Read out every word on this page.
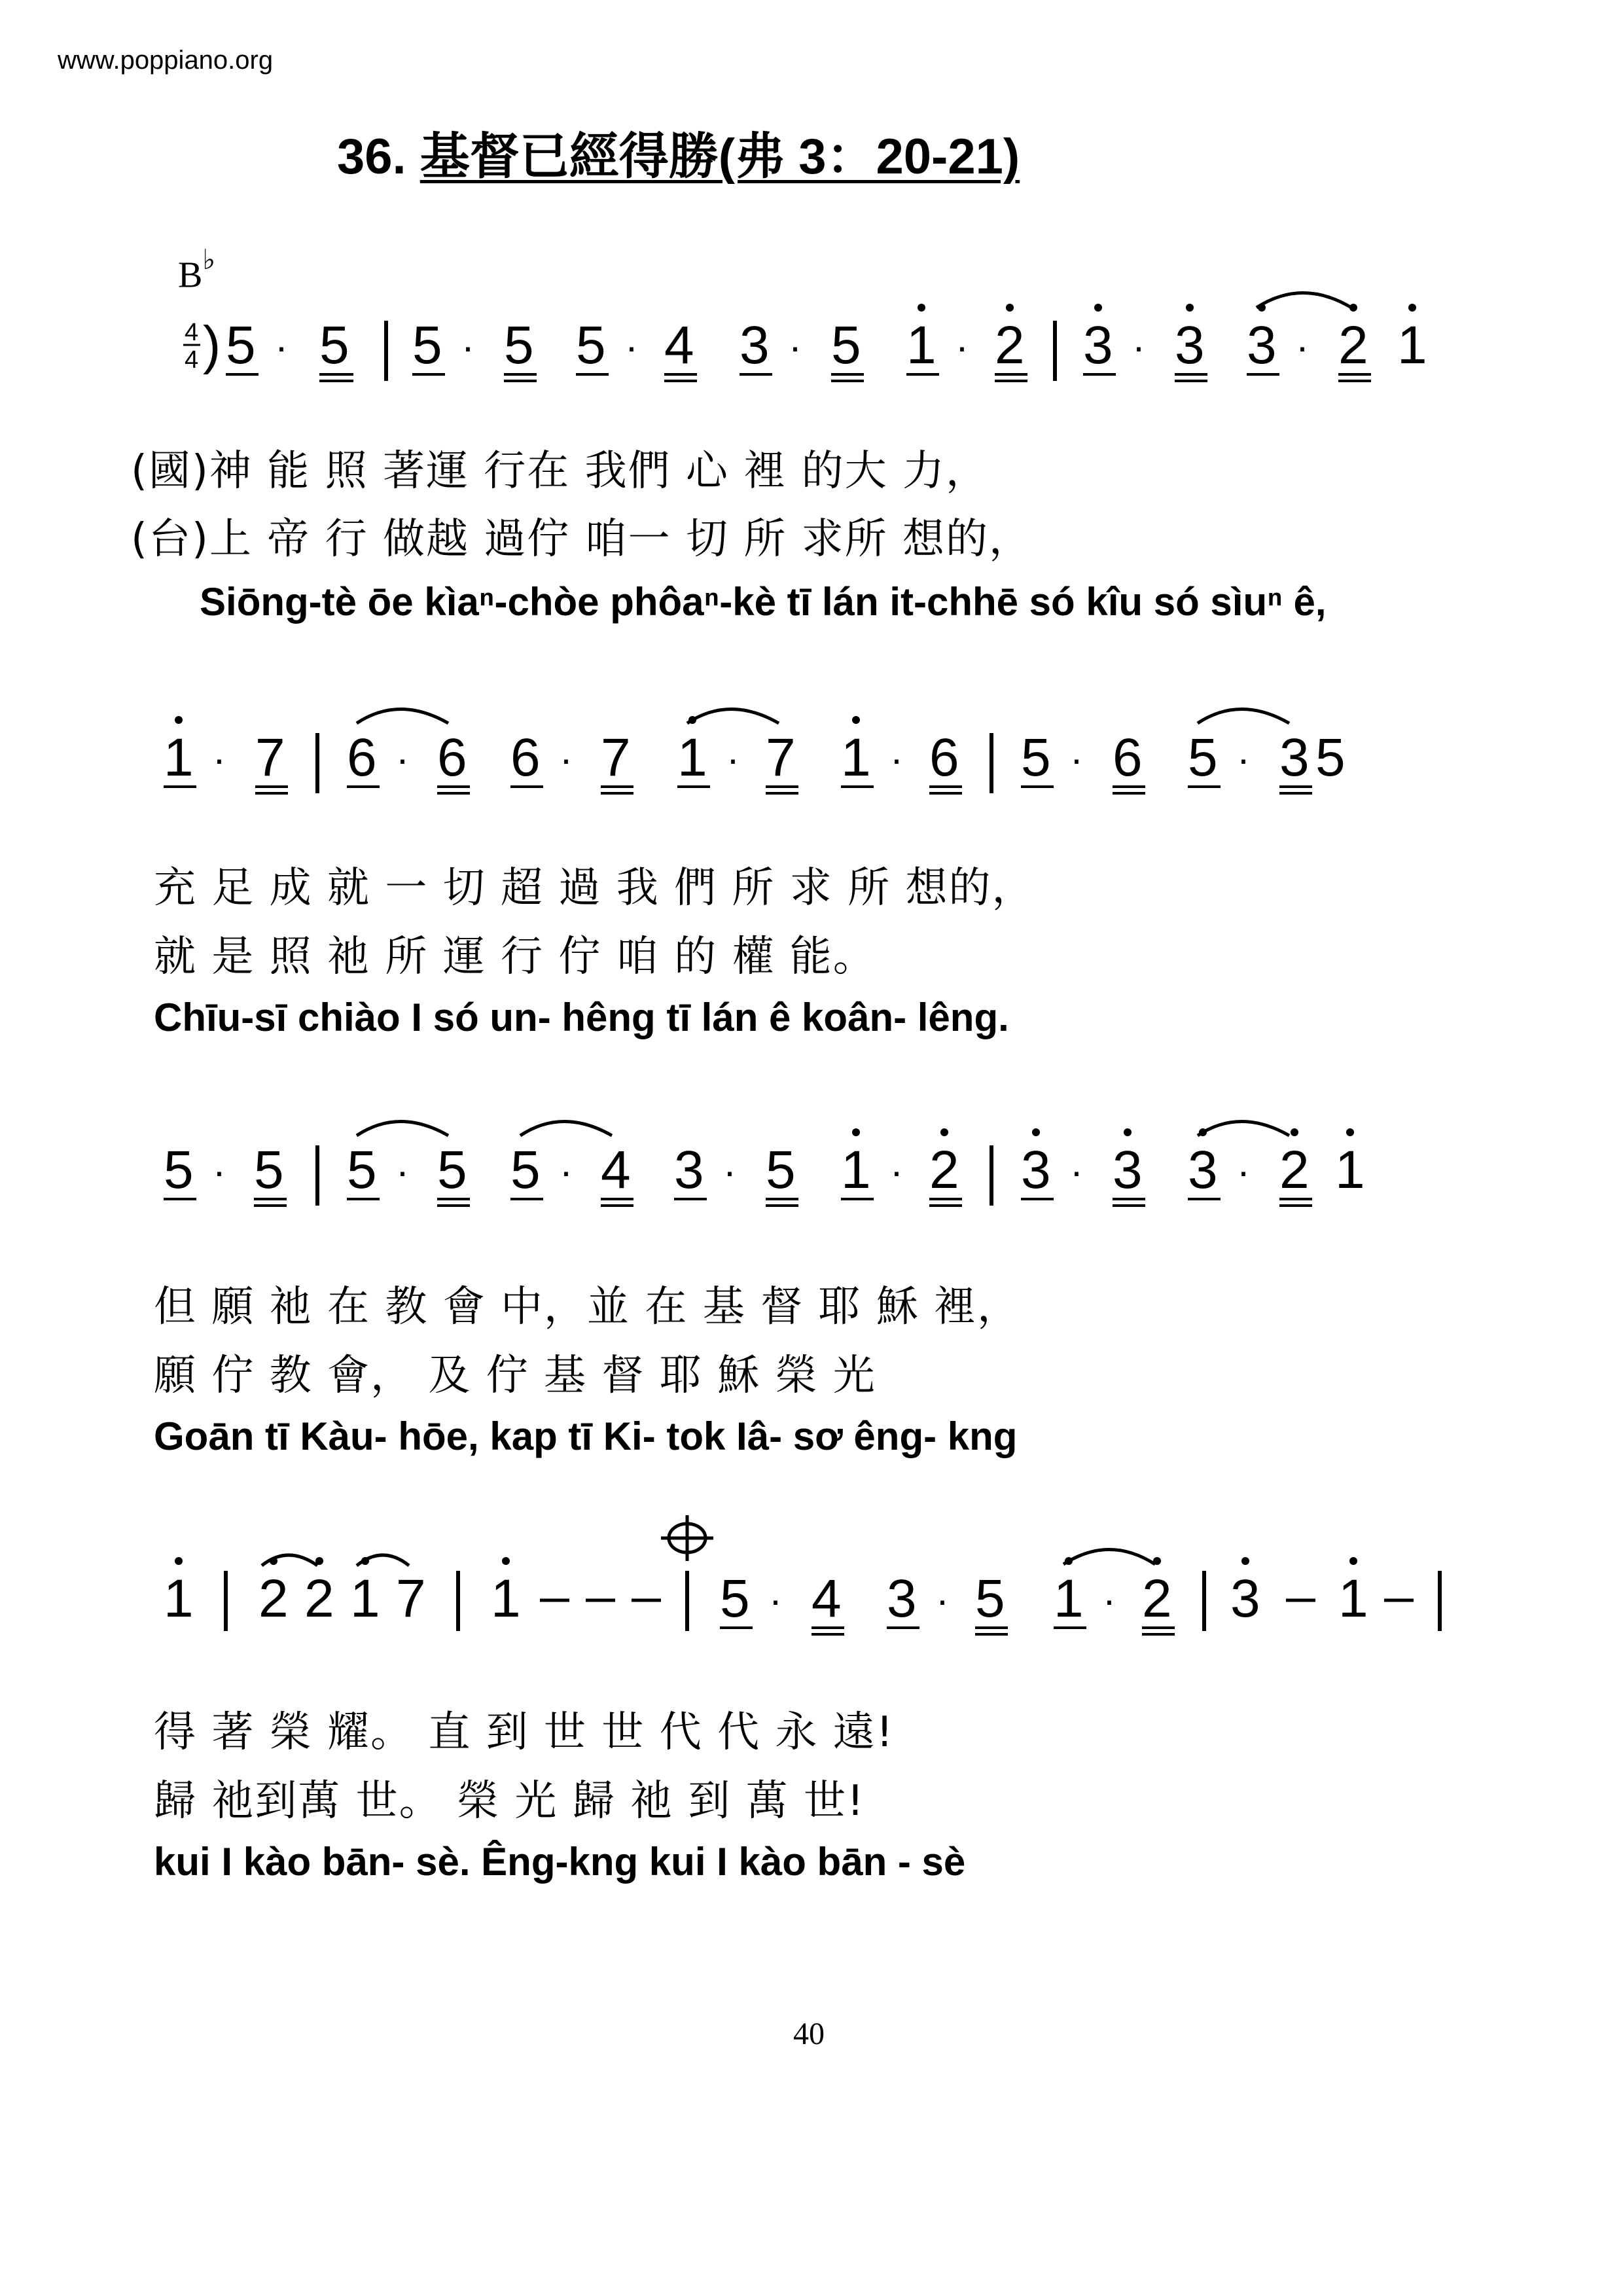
www.poppiano.org
36. 基督已經得勝(弗 3：20-21)
B♭
4
4 ) 5 · 5 5 · 5 5 · 4 3 · 5 1 · 2 3 · 3 3 · 2 1
1 · 7 6 · 6 6 · 7 1 · 7 1 · 6 5 · 6 5 · 3 5
5 · 5 5 · 5 5 · 4 3 · 5 1 · 2 3 · 3 3 · 2 1
1 2 2 1 7 1	5 · 4 3 · 5 1 · 2 3 1
(國)神 能 照 著運 行在 我們 心 裡 的大 力，
(台)上 帝 行 做越 過佇 咱一 切 所 求所 想的，
Siōng-tè ōe kìaⁿ-chòe phôaⁿ-kè tī lán it-chhē só kîu só sìuⁿ ê,
充 足 成 就 一 切 超 過 我 們 所 求 所 想的，
就 是 照 祂 所 運 行 佇 咱 的 權 能。
Chīu-sī chiào I só un- hêng tī lán ê koân- lêng.
但 願 祂 在 教 會 中，並 在 基 督 耶 穌 裡，
願 佇 教 會， 及 佇 基 督 耶 穌 榮 光
Goān tī Kàu- hōe, kap tī Ki- tok Iâ- sơ êng- kng
得 著 榮 耀。 直 到 世 世 代 代 永 遠!
歸 祂到萬 世。 榮 光 歸 祂 到 萬 世!
kui I kào bān- sè. Êng-kng kui I kào bān - sè
40
